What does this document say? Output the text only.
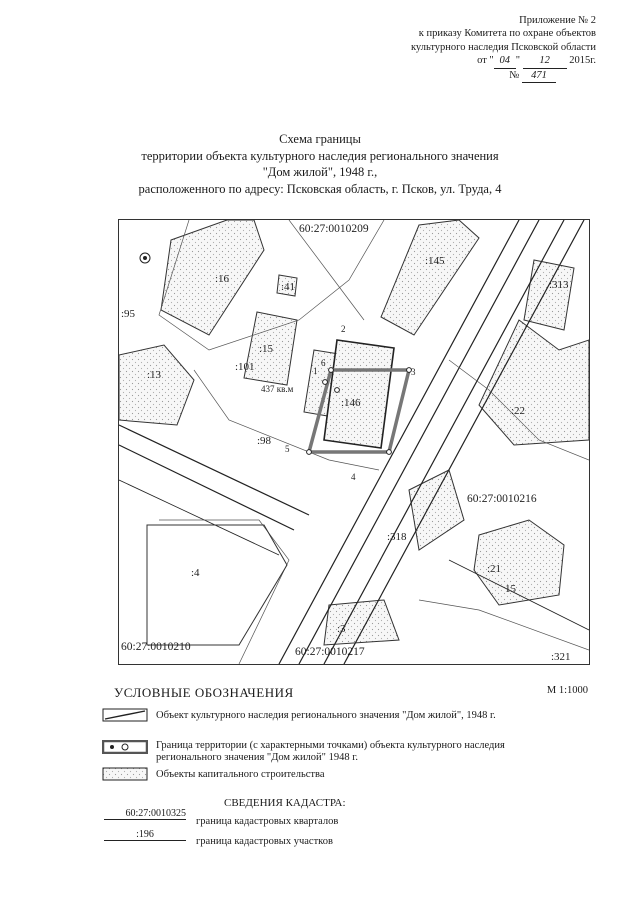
Приложение № 2
к приказу Комитета по охране объектов
культурного наследия Псковской области
от " 04 " 12 2015г.
№ 471
Схема границы
территории объекта культурного наследия регионального значения
"Дом жилой", 1948 г.,
расположенного по адресу: Псковская область, г. Псков, ул. Труда, 4
60:27:0010209
60:27:0010216
60:27:0010210	60:27:0010217
:16
:145
:313
:95
:13
:15
:101
:146
:22
:98
:318
:21
15
:4
:3
:321
:41
437 кв.м
2
3
4
5
1
6
УСЛОВНЫЕ ОБОЗНАЧЕНИЯ	М 1:1000
Объект культурного наследия регионального значения "Дом жилой", 1948 г.
Граница территории (с характерными точками) объекта культурного наследия
регионального значения "Дом жилой" 1948 г.
Объекты капитального строительства
СВЕДЕНИЯ КАДАСТРА:
60:27:0010325
граница кадастровых кварталов
:196
граница кадастровых участков
